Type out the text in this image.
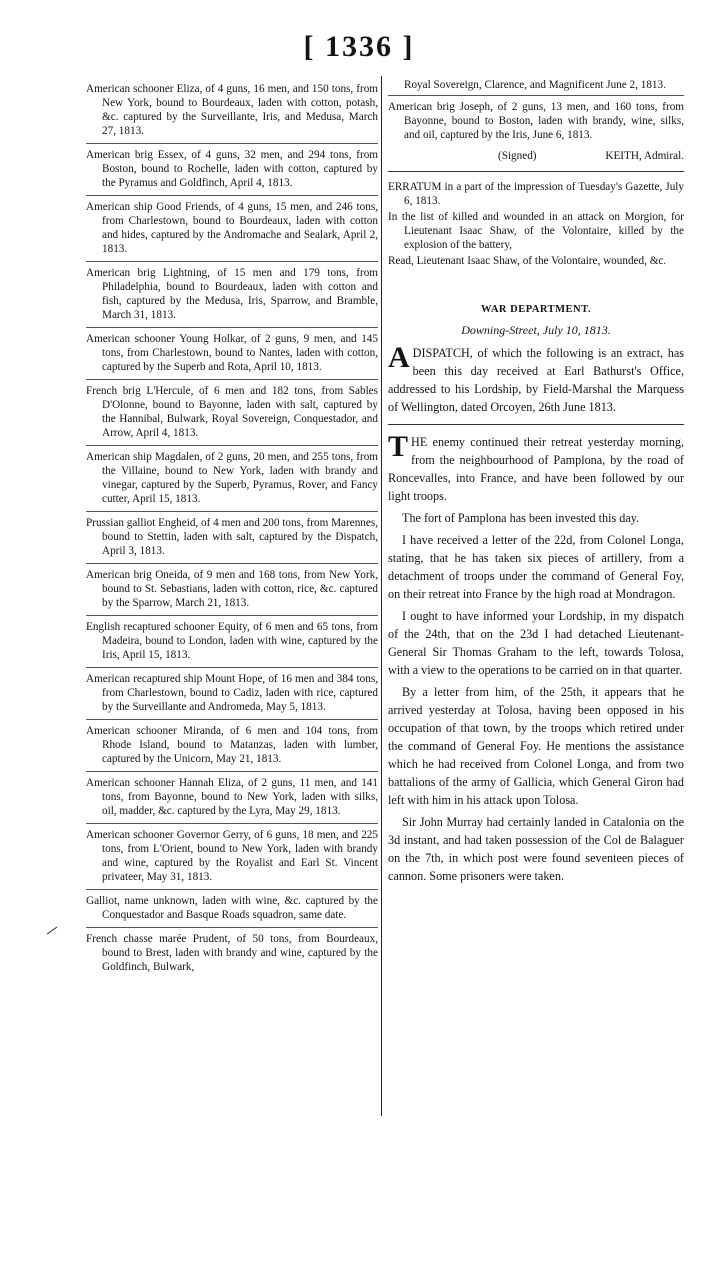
[ 1336 ]

American schooner Eliza, of 4 guns, 16 men, and 150 tons, from New York, bound to Bourdeaux, laden with cotton, potash, &c. captured by the Surveillante, Iris, and Medusa, March 27, 1813.

American brig Essex, of 4 guns, 32 men, and 294 tons, from Boston, bound to Rochelle, laden with cotton, captured by the Pyramus and Goldfinch, April 4, 1813.

American ship Good Friends, of 4 guns, 15 men, and 246 tons, from Charlestown, bound to Bourdeaux, laden with cotton and hides, captured by the Andromache and Sealark, April 2, 1813.

American brig Lightning, of 15 men and 179 tons, from Philadelphia, bound to Bourdeaux, laden with cotton and fish, captured by the Medusa, Iris, Sparrow, and Bramble, March 31, 1813.

American schooner Young Holkar, of 2 guns, 9 men, and 145 tons, from Charlestown, bound to Nantes, laden with cotton, captured by the Superb and Rota, April 10, 1813.

French brig L'Hercule, of 6 men and 182 tons, from Sables D'Olonne, bound to Bayonne, laden with salt, captured by the Hannibal, Bulwark, Royal Sovereign, Conquestador, and Arrow, April 4, 1813.

American ship Magdalen, of 2 guns, 20 men, and 255 tons, from the Villaine, bound to New York, laden with brandy and vinegar, captured by the Superb, Pyramus, Rover, and Fancy cutter, April 15, 1813.

Prussian galliot Engheid, of 4 men and 200 tons, from Marennes, bound to Stettin, laden with salt, captured by the Dispatch, April 3, 1813.

American brig Oneida, of 9 men and 168 tons, from New York, bound to St. Sebastians, laden with cotton, rice, &c. captured by the Sparrow, March 21, 1813.

English recaptured schooner Equity, of 6 men and 65 tons, from Madeira, bound to London, laden with wine, captured by the Iris, April 15, 1813.

American recaptured ship Mount Hope, of 16 men and 384 tons, from Charlestown, bound to Cadiz, laden with rice, captured by the Surveillante and Andromeda, May 5, 1813.

American schooner Miranda, of 6 men and 104 tons, from Rhode Island, bound to Matanzas, laden with lumber, captured by the Unicorn, May 21, 1813.

American schooner Hannah Eliza, of 2 guns, 11 men, and 141 tons, from Bayonne, bound to New York, laden with silks, oil, madder, &c. captured by the Lyra, May 29, 1813.

American schooner Governor Gerry, of 6 guns, 18 men, and 225 tons, from L'Orient, bound to New York, laden with brandy and wine, captured by the Royalist and Earl St. Vincent privateer, May 31, 1813.

Galliot, name unknown, laden with wine, &c. captured by the Conquestador and Basque Roads squadron, same date.

French chasse marée Prudent, of 50 tons, from Bourdeaux, bound to Brest, laden with brandy and wine, captured by the Goldfinch, Bulwark,

Royal Sovereign, Clarence, and Magnificent June 2, 1813.

American brig Joseph, of 2 guns, 13 men, and 160 tons, from Bayonne, bound to Boston, laden with brandy, wine, silks, and oil, captured by the Iris, June 6, 1813.

(Signed)	KEITH, Admiral.

ERRATUM in a part of the impression of Tuesday's Gazette, July 6, 1813.

In the list of killed and wounded in an attack on Morgion, for Lieutenant Isaac Shaw, of the Volontaire, killed by the explosion of the battery,

Read, Lieutenant Isaac Shaw, of the Volontaire, wounded, &c.

WAR DEPARTMENT.
Downing-Street, July 10, 1813.

ADISPATCH, of which the following is an extract, has been this day received at Earl Bathurst's Office, addressed to his Lordship, by Field-Marshal the Marquess of Wellington, dated Orcoyen, 26th June 1813.

THE enemy continued their retreat yesterday morning, from the neighbourhood of Pamplona, by the road of Roncevalles, into France, and have been followed by our light troops.

The fort of Pamplona has been invested this day.

I have received a letter of the 22d, from Colonel Longa, stating, that he has taken six pieces of artillery, from a detachment of troops under the command of General Foy, on their retreat into France by the high road at Mondragon.

I ought to have informed your Lordship, in my dispatch of the 24th, that on the 23d I had detached Lieutenant-General Sir Thomas Graham to the left, towards Tolosa, with a view to the operations to be carried on in that quarter.

By a letter from him, of the 25th, it appears that he arrived yesterday at Tolosa, having been opposed in his occupation of that town, by the troops which retired under the command of General Foy. He mentions the assistance which he had received from Colonel Longa, and from two battalions of the army of Gallicia, which General Giron had left with him in his attack upon Tolosa.

Sir John Murray had certainly landed in Catalonia on the 3d instant, and had taken possession of the Col de Balaguer on the 7th, in which post were found seventeen pieces of cannon. Some prisoners were taken.
